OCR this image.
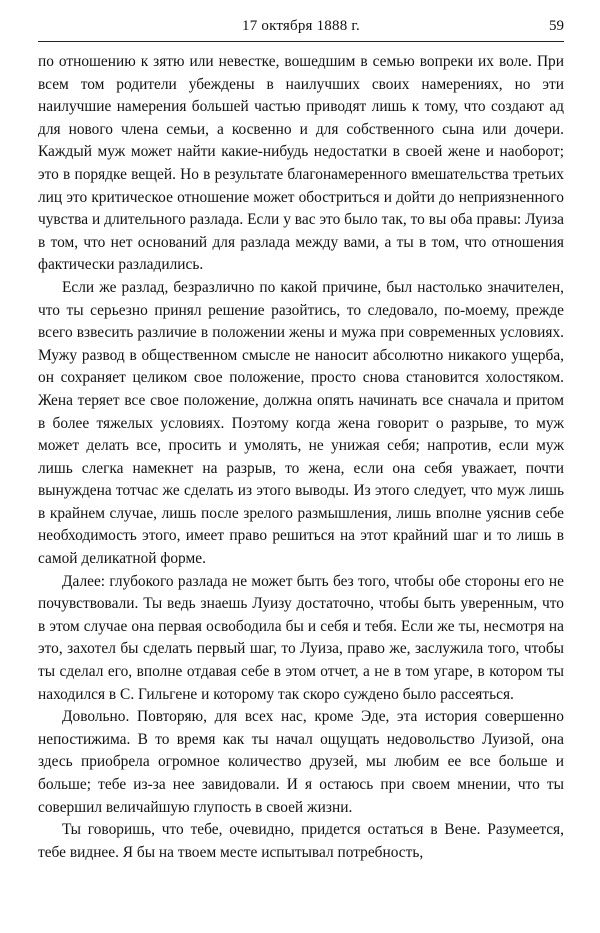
17 октября 1888 г.	59

по отношению к зятю или невестке, вошедшим в семью вопреки их воле. При всем том родители убеждены в наилучших своих намерениях, но эти наилучшие намерения большей частью приводят лишь к тому, что создают ад для нового члена семьи, а косвенно и для собственного сына или дочери. Каждый муж может найти какие-нибудь недостатки в своей жене и наоборот; это в порядке вещей. Но в результате благонамеренного вмешательства третьих лиц это критическое отношение может обостриться и дойти до неприязненного чувства и длительного разлада. Если у вас это было так, то вы оба правы: Луиза в том, что нет оснований для разлада между вами, а ты в том, что отношения фактически разладились.

Если же разлад, безразлично по какой причине, был настолько значителен, что ты серьезно принял решение разойтись, то следовало, по-моему, прежде всего взвесить различие в положении жены и мужа при современных условиях. Мужу развод в общественном смысле не наносит абсолютно никакого ущерба, он сохраняет целиком свое положение, просто снова становится холостяком. Жена теряет все свое положение, должна опять начинать все сначала и притом в более тяжелых условиях. Поэтому когда жена говорит о разрыве, то муж может делать все, просить и умолять, не унижая себя; напротив, если муж лишь слегка намекнет на разрыв, то жена, если она себя уважает, почти вынуждена тотчас же сделать из этого выводы. Из этого следует, что муж лишь в крайнем случае, лишь после зрелого размышления, лишь вполне уяснив себе необходимость этого, имеет право решиться на этот крайний шаг и то лишь в самой деликатной форме.

Далее: глубокого разлада не может быть без того, чтобы обе стороны его не почувствовали. Ты ведь знаешь Луизу достаточно, чтобы быть уверенным, что в этом случае она первая освободила бы и себя и тебя. Если же ты, несмотря на это, захотел бы сделать первый шаг, то Луиза, право же, заслужила того, чтобы ты сделал его, вполне отдавая себе в этом отчет, а не в том угаре, в котором ты находился в С. Гильгене и которому так скоро суждено было рассеяться.

Довольно. Повторяю, для всех нас, кроме Эде, эта история совершенно непостижима. В то время как ты начал ощущать недовольство Луизой, она здесь приобрела огромное количество друзей, мы любим ее все больше и больше; тебе из-за нее завидовали. И я остаюсь при своем мнении, что ты совершил величайшую глупость в своей жизни.

Ты говоришь, что тебе, очевидно, придется остаться в Вене. Разумеется, тебе виднее. Я бы на твоем месте испытывал потребность,
